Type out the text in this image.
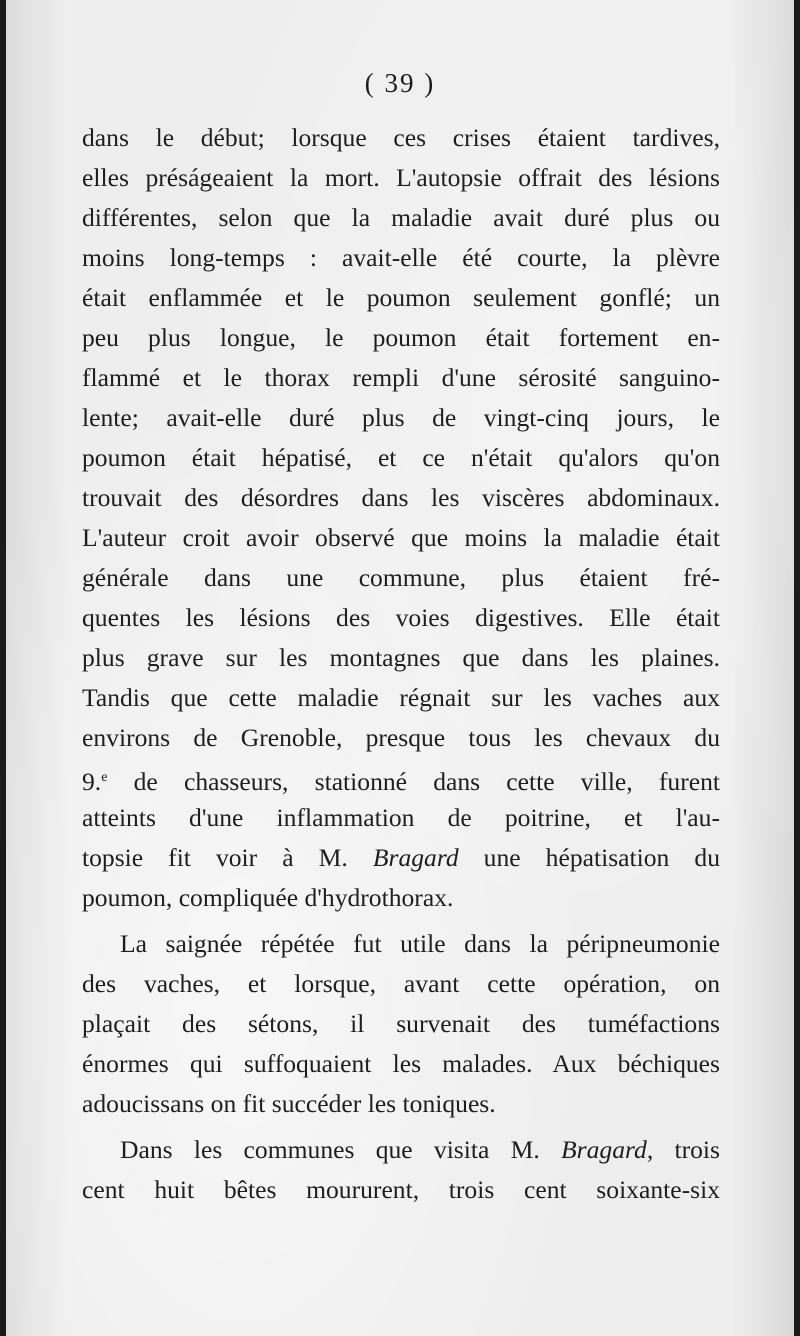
( 39 )
dans le début; lorsque ces crises étaient tardives,
elles préságeaient la mort. L'autopsie offrait des lésions
différentes, selon que la maladie avait duré plus ou
moins long-temps : avait-elle été courte, la plèvre
était enflammée et le poumon seulement gonflé; un
peu plus longue, le poumon était fortement en-
flammé et le thorax rempli d'une sérosité sanguino-
lente; avait-elle duré plus de vingt-cinq jours, le
poumon était hépatisé, et ce n'était qu'alors qu'on
trouvait des désordres dans les viscères abdominaux.
L'auteur croit avoir observé que moins la maladie était
générale dans une commune, plus étaient fré-
quentes les lésions des voies digestives. Elle était
plus grave sur les montagnes que dans les plaines.
Tandis que cette maladie régnait sur les vaches aux
environs de Grenoble, presque tous les chevaux du
9.$^e$ de chasseurs, stationné dans cette ville, furent
atteints d'une inflammation de poitrine, et l'au-
topsie fit voir à M. Bragard une hépatisation du
poumon, compliquée d'hydrothorax.
La saignée répétée fut utile dans la péripneumonie
des vaches, et lorsque, avant cette opération, on
plaçait des sétons, il survenait des tuméfactions
énormes qui suffoquaient les malades. Aux béchiques
adoucissans on fit succéder les toniques.
Dans les communes que visita M. Bragard, trois
cent huit bêtes moururent, trois cent soixante-six
